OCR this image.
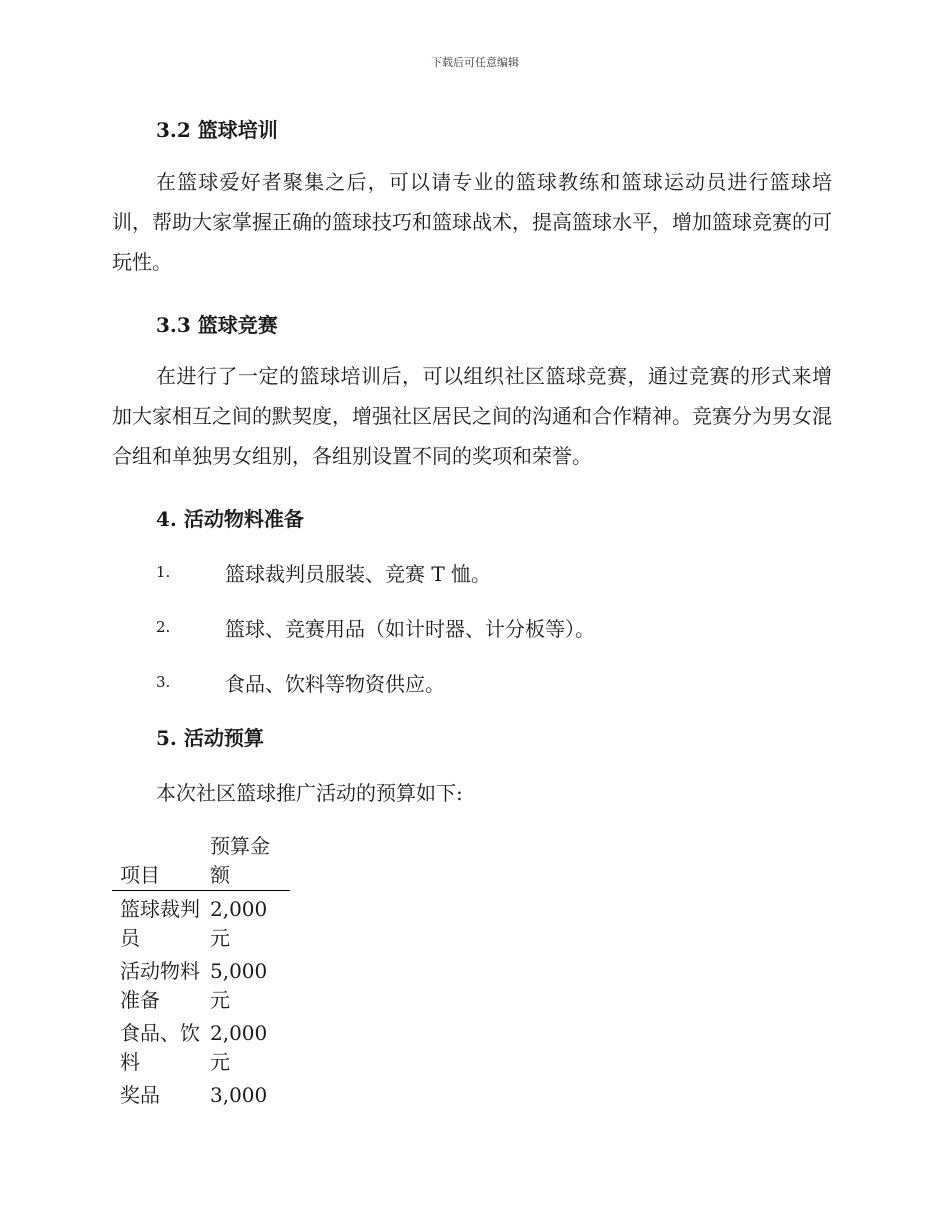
下载后可任意编辑
3.2 篮球培训

在篮球爱好者聚集之后，可以请专业的篮球教练和篮球运动员进行篮球培训，帮助大家掌握正确的篮球技巧和篮球战术，提高篮球水平，增加篮球竞赛的可玩性。

3.3 篮球竞赛

在进行了一定的篮球培训后，可以组织社区篮球竞赛，通过竞赛的形式来增加大家相互之间的默契度，增强社区居民之间的沟通和合作精神。竞赛分为男女混合组和单独男女组别，各组别设置不同的奖项和荣誉。

4. 活动物料准备
1.	篮球裁判员服装、竞赛 T 恤。
2.	篮球、竞赛用品（如计时器、计分板等）。
3.	食品、饮料等物资供应。
5. 活动预算
本次社区篮球推广活动的预算如下:
项目	预算金额
篮球裁判员	2,000 元
活动物料准备	5,000 元
食品、饮料	2,000 元
奖品	3,000
